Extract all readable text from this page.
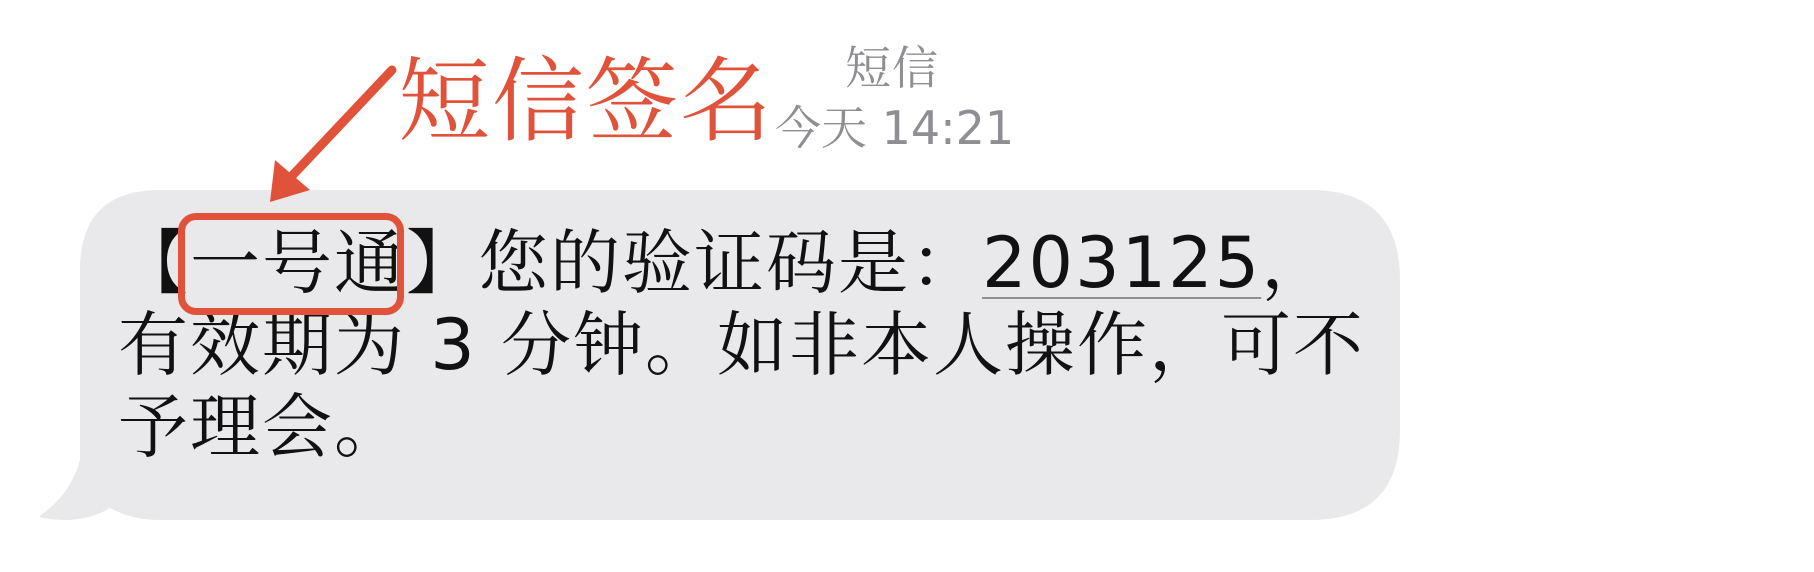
短信
今天 14:21
【一号通】您的验证码是：203125，有效期为 3 分钟。如非本人操作，可不予理会。
短信签名
